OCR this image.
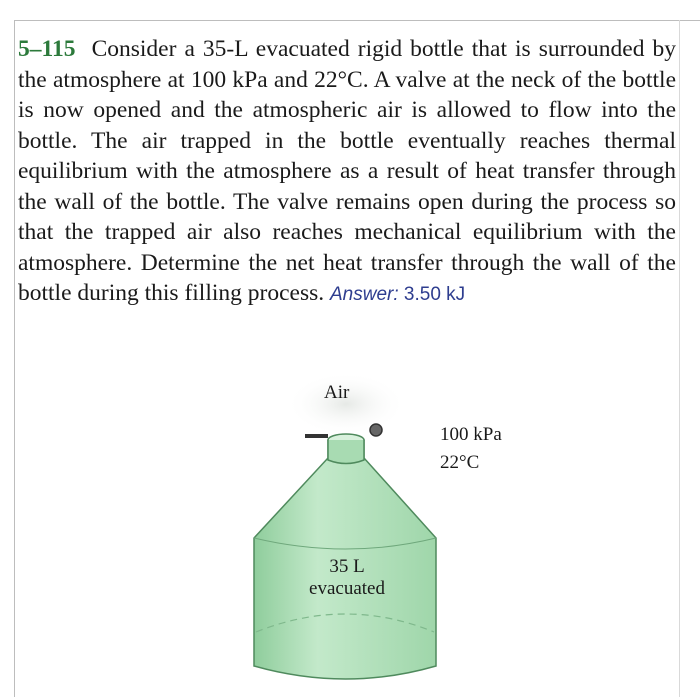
5–115 Consider a 35-L evacuated rigid bottle that is surrounded by the atmosphere at 100 kPa and 22°C. A valve at the neck of the bottle is now opened and the atmospheric air is allowed to flow into the bottle. The air trapped in the bottle eventually reaches thermal equilibrium with the atmosphere as a result of heat transfer through the wall of the bottle. The valve remains open during the process so that the trapped air also reaches mechanical equilibrium with the atmosphere. Determine the net heat transfer through the wall of the bottle during this filling process. Answer: 3.50 kJ

Air
100 kPa
22°C
35 L
evacuated
